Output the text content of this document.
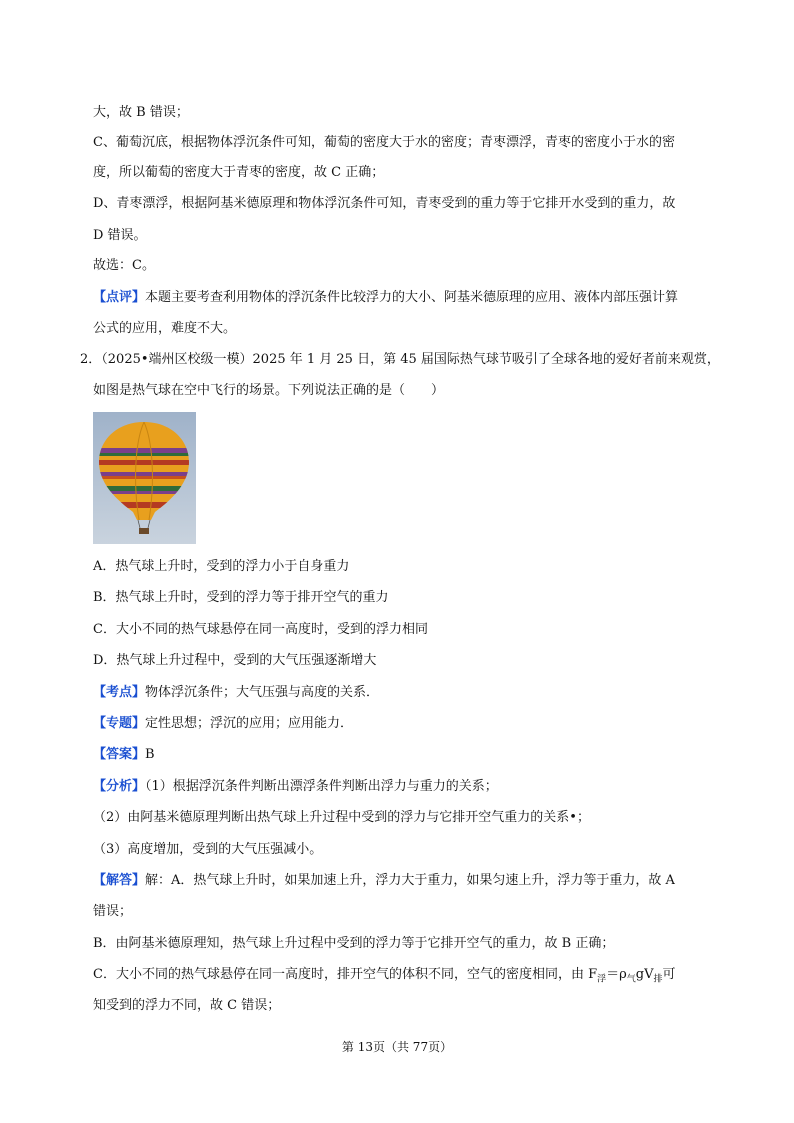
大，故 B 错误；
C、葡萄沉底，根据物体浮沉条件可知，葡萄的密度大于水的密度；青枣漂浮，青枣的密度小于水的密
度，所以葡萄的密度大于青枣的密度，故 C 正确；
D、青枣漂浮，根据阿基米德原理和物体浮沉条件可知，青枣受到的重力等于它排开水受到的重力，故
D 错误。
故选：C。
【点评】本题主要考查利用物体的浮沉条件比较浮力的大小、阿基米德原理的应用、液体内部压强计算
公式的应用，难度不大。
2．（2025•端州区校级一模）2025 年 1 月 25 日，第 45 届国际热气球节吸引了全球各地的爱好者前来观赏，
如图是热气球在空中飞行的场景。下列说法正确的是（　　）
A．热气球上升时，受到的浮力小于自身重力
B．热气球上升时，受到的浮力等于排开空气的重力
C．大小不同的热气球悬停在同一高度时，受到的浮力相同
D．热气球上升过程中，受到的大气压强逐渐增大
【考点】物体浮沉条件；大气压强与高度的关系．
【专题】定性思想；浮沉的应用；应用能力．
【答案】B
【分析】（1）根据浮沉条件判断出漂浮条件判断出浮力与重力的关系；
（2）由阿基米德原理判断出热气球上升过程中受到的浮力与它排开空气重力的关系•；
（3）高度增加，受到的大气压强减小。
【解答】解：A．热气球上升时，如果加速上升，浮力大于重力，如果匀速上升，浮力等于重力，故 A
错误；
B．由阿基米德原理知，热气球上升过程中受到的浮力等于它排开空气的重力，故 B 正确；
C．大小不同的热气球悬停在同一高度时，排开空气的体积不同，空气的密度相同，由 $F_浮=\rho_气gV_排$可
知受到的浮力不同，故 C 错误；
第 13页（共 77页）
